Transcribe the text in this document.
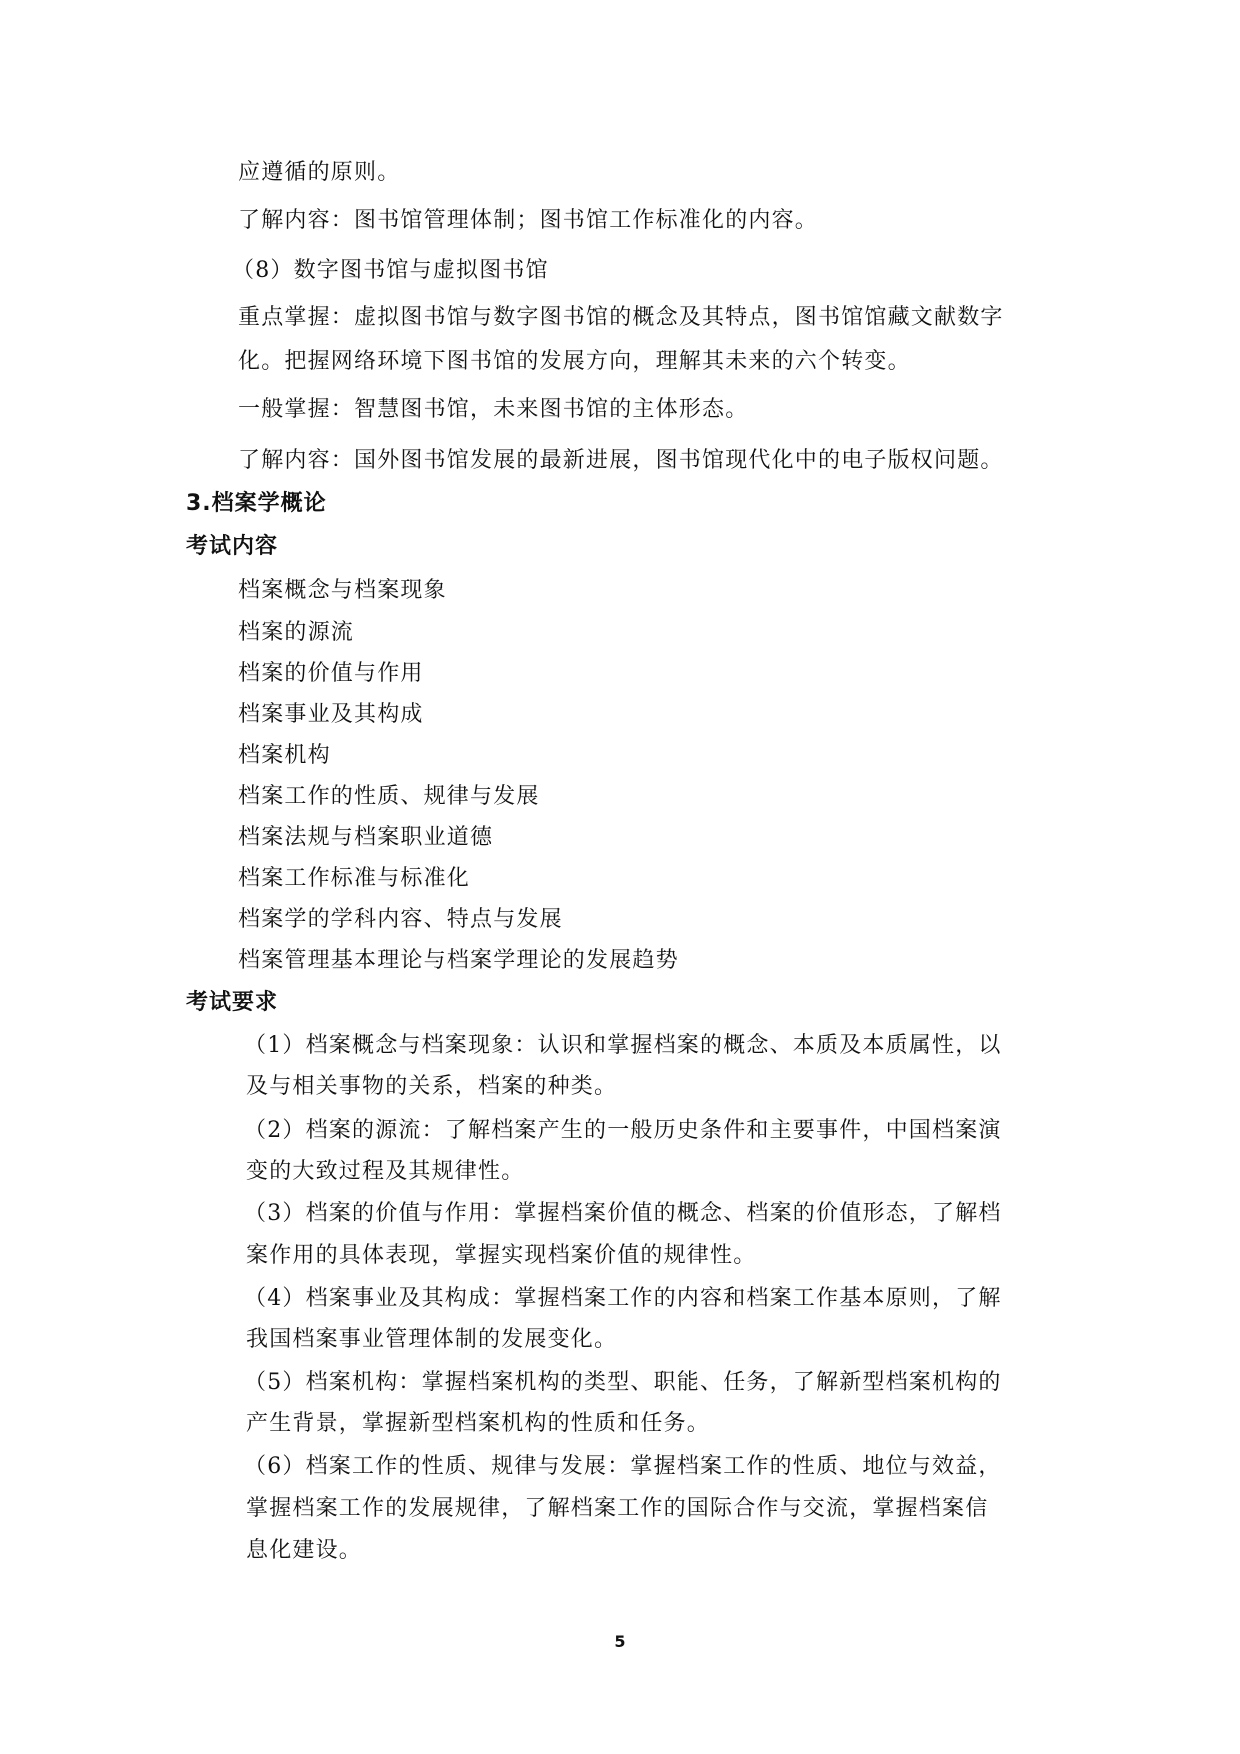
应遵循的原则。
了解内容：图书馆管理体制；图书馆工作标准化的内容。
（8）数字图书馆与虚拟图书馆
重点掌握：虚拟图书馆与数字图书馆的概念及其特点，图书馆馆藏文献数字
化。把握网络环境下图书馆的发展方向，理解其未来的六个转变。
一般掌握：智慧图书馆，未来图书馆的主体形态。
了解内容：国外图书馆发展的最新进展，图书馆现代化中的电子版权问题。
3.档案学概论
考试内容
档案概念与档案现象
档案的源流
档案的价值与作用
档案事业及其构成
档案机构
档案工作的性质、规律与发展
档案法规与档案职业道德
档案工作标准与标准化
档案学的学科内容、特点与发展
档案管理基本理论与档案学理论的发展趋势
考试要求
（1）档案概念与档案现象：认识和掌握档案的概念、本质及本质属性，以
及与相关事物的关系，档案的种类。
（2）档案的源流：了解档案产生的一般历史条件和主要事件，中国档案演
变的大致过程及其规律性。
（3）档案的价值与作用：掌握档案价值的概念、档案的价值形态，了解档
案作用的具体表现，掌握实现档案价值的规律性。
（4）档案事业及其构成：掌握档案工作的内容和档案工作基本原则，了解
我国档案事业管理体制的发展变化。
（5）档案机构：掌握档案机构的类型、职能、任务，了解新型档案机构的
产生背景，掌握新型档案机构的性质和任务。
（6）档案工作的性质、规律与发展：掌握档案工作的性质、地位与效益，
掌握档案工作的发展规律，了解档案工作的国际合作与交流，掌握档案信
息化建设。
5
